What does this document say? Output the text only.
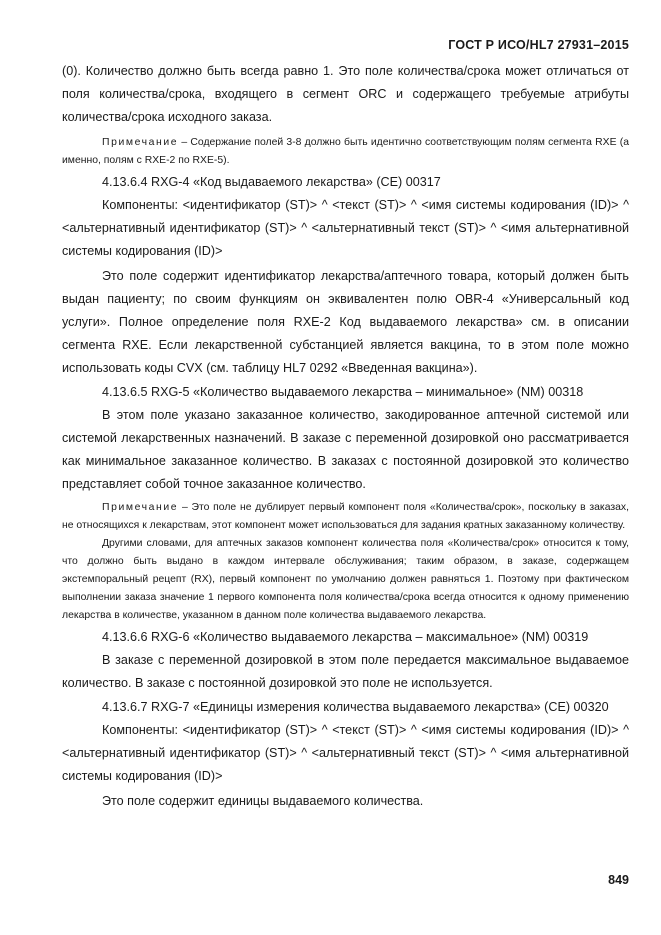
ГОСТ Р ИСО/HL7 27931–2015

(0). Количество должно быть всегда равно 1. Это поле количества/срока может отличаться от поля количества/срока, входящего в сегмент ORC и содержащего требуемые атрибуты количества/срока исходного заказа.

Примечание – Содержание полей 3-8 должно быть идентично соответствующим полям сегмента RXE (а именно, полям с RXE-2 по RXE-5).

4.13.6.4 RXG-4 «Код выдаваемого лекарства» (CE) 00317

Компоненты: <идентификатор (ST)> ^ <текст (ST)> ^ <имя системы кодирования (ID)> ^ <альтернативный идентификатор (ST)> ^ <альтернативный текст (ST)> ^ <имя альтернативной системы кодирования (ID)>

Это поле содержит идентификатор лекарства/аптечного товара, который должен быть выдан пациенту; по своим функциям он эквивалентен полю OBR-4 «Универсальный код услуги». Полное определение поля RXE-2 Код выдаваемого лекарства» см. в описании сегмента RXE. Если лекарственной субстанцией является вакцина, то в этом поле можно использовать коды CVX (см. таблицу HL7 0292 «Введенная вакцина»).

4.13.6.5 RXG-5 «Количество выдаваемого лекарства – минимальное» (NM) 00318

В этом поле указано заказанное количество, закодированное аптечной системой или системой лекарственных назначений. В заказе с переменной дозировкой оно рассматривается как минимальное заказанное количество. В заказах с постоянной дозировкой это количество представляет собой точное заказанное количество.

Примечание – Это поле не дублирует первый компонент поля «Количества/срок», поскольку в заказах, не относящихся к лекарствам, этот компонент может использоваться для задания кратных заказанному количеству.

Другими словами, для аптечных заказов компонент количества поля «Количества/срок» относится к тому, что должно быть выдано в каждом интервале обслуживания; таким образом, в заказе, содержащем экстемпоральный рецепт (RX), первый компонент по умолчанию должен равняться 1. Поэтому при фактическом выполнении заказа значение 1 первого компонента поля количества/срока всегда относится к одному применению лекарства в количестве, указанном в данном поле количества выдаваемого лекарства.

4.13.6.6 RXG-6 «Количество выдаваемого лекарства – максимальное» (NM) 00319

В заказе с переменной дозировкой в этом поле передается максимальное выдаваемое количество. В заказе с постоянной дозировкой это поле не используется.

4.13.6.7 RXG-7 «Единицы измерения количества выдаваемого лекарства» (CE) 00320

Компоненты: <идентификатор (ST)> ^ <текст (ST)> ^ <имя системы кодирования (ID)> ^ <альтернативный идентификатор (ST)> ^ <альтернативный текст (ST)> ^ <имя альтернативной системы кодирования (ID)>

Это поле содержит единицы выдаваемого количества.

849
